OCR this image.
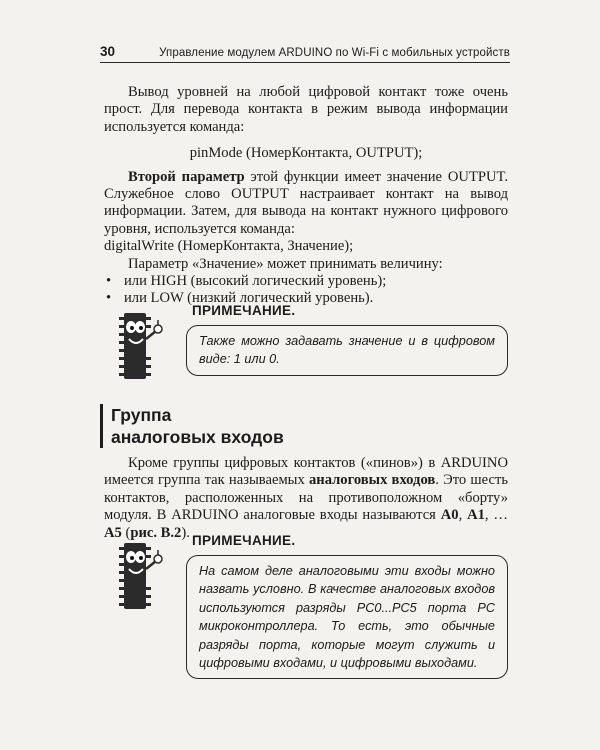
30	Управление модулем ARDUINO по Wi-Fi с мобильных устройств

Вывод уровней на любой цифровой контакт тоже очень прост. Для перевода контакта в режим вывода информации используется команда:

pinMode (НомерКонтакта, OUTPUT);

Второй параметр этой функции имеет значение OUTPUT. Служебное слово OUTPUT настраивает контакт на вывод информации. Затем, для вывода на контакт нужного цифрового уровня, используется команда:

digitalWrite (НомерКонтакта, Значение);

Параметр «Значение» может принимать величину:

• или HIGH (высокий логический уровень);
• или LOW (низкий логический уровень).
ПРИМЕЧАНИЕ.
Также можно задавать значение и в цифровом виде: 1 или 0.
Группа
аналоговых входов

Кроме группы цифровых контактов («пинов») в ARDUINO имеется группа так называемых аналоговых входов. Это шесть контактов, расположенных на противоположном «борту» модуля. В ARDUINO аналоговые входы называются A0, A1, … A5 (рис. В.2). ПРИМЕЧАНИЕ.
На самом деле аналоговыми эти входы можно назвать условно. В качестве аналоговых входов используются разряды PC0...PC5 порта PC микроконтроллера. То есть, это обычные разряды порта, которые могут служить и цифровыми входами, и цифровыми выходами.
